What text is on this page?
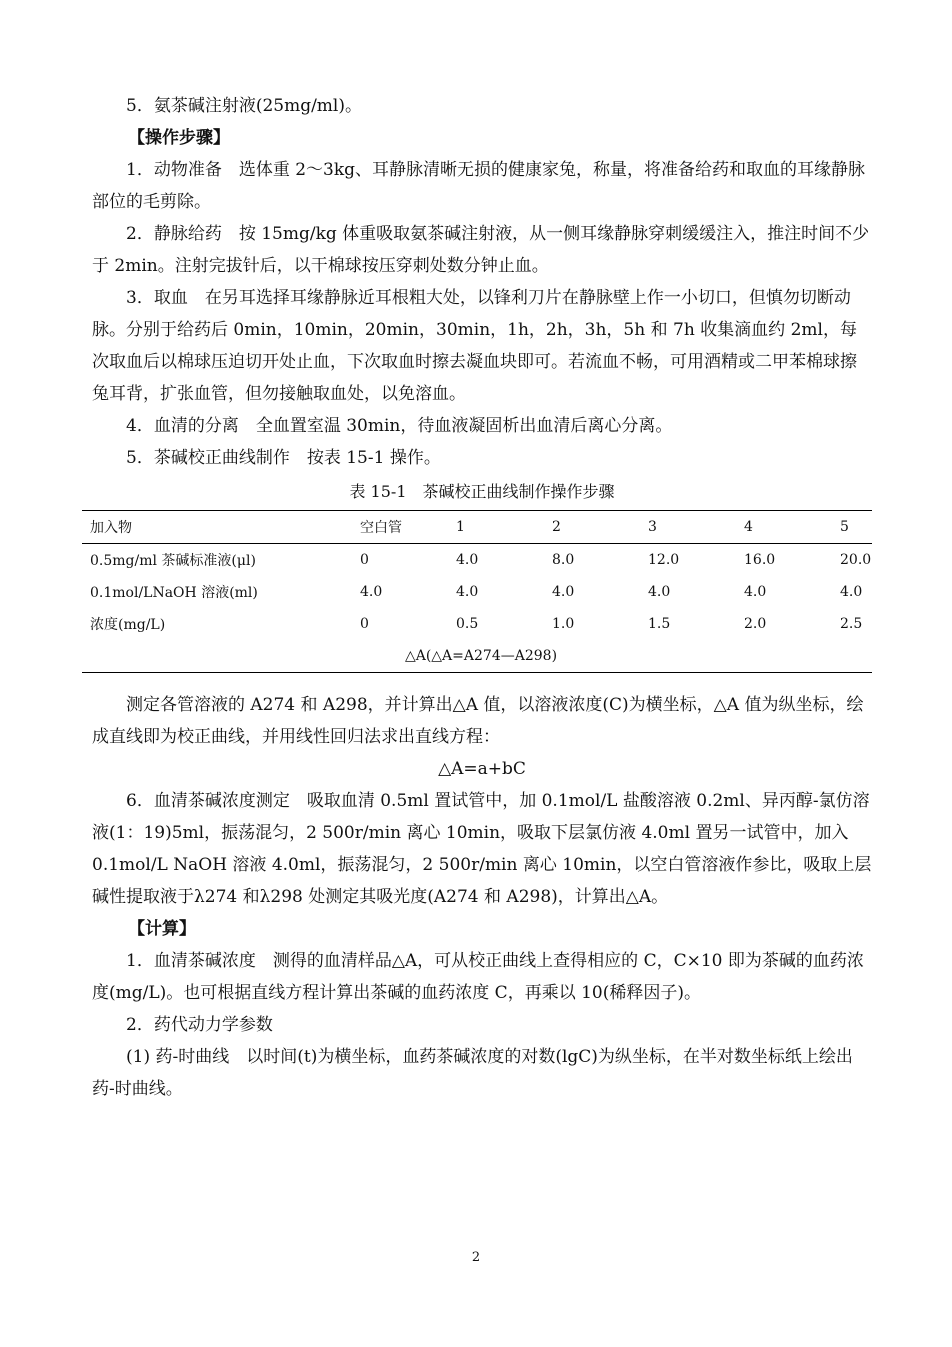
5．氨茶碱注射液(25mg/ml)。

【操作步骤】

1．动物准备　选体重 2～3kg、耳静脉清晰无损的健康家兔，称量，将准备给药和取血的耳缘静脉部位的毛剪除。

2．静脉给药　按 15mg/kg 体重吸取氨茶碱注射液，从一侧耳缘静脉穿刺缓缓注入，推注时间不少于 2min。注射完拔针后，以干棉球按压穿刺处数分钟止血。

3．取血　在另耳选择耳缘静脉近耳根粗大处，以锋利刀片在静脉壁上作一小切口，但慎勿切断动脉。分别于给药后 0min，10min，20min，30min，1h，2h，3h，5h 和 7h 收集滴血约 2ml，每次取血后以棉球压迫切开处止血，下次取血时擦去凝血块即可。若流血不畅，可用酒精或二甲苯棉球擦兔耳背，扩张血管，但勿接触取血处，以免溶血。

4．血清的分离　全血置室温 30min，待血液凝固析出血清后离心分离。

5．茶碱校正曲线制作　按表 15-1 操作。

表 15-1　茶碱校正曲线制作操作步骤

加入物	空白管	1	2	3	4	5
0.5mg/ml 茶碱标准液(μl)	0	4.0	8.0	12.0	16.0	20.0
0.1mol/LNaOH 溶液(ml)	4.0	4.0	4.0	4.0	4.0	4.0
浓度(mg/L)	0	0.5	1.0	1.5	2.0	2.5
△A(△A=A274—A298)						

测定各管溶液的 A274 和 A298，并计算出△A 值，以溶液浓度(C)为横坐标，△A 值为纵坐标，绘成直线即为校正曲线，并用线性回归法求出直线方程：

△A=a+bC

6．血清茶碱浓度测定　吸取血清 0.5ml 置试管中，加 0.1mol/L 盐酸溶液 0.2ml、异丙醇-氯仿溶液(1：19)5ml，振荡混匀，2 500r/min 离心 10min，吸取下层氯仿液 4.0ml 置另一试管中，加入 0.1mol/L NaOH 溶液 4.0ml，振荡混匀，2 500r/min 离心 10min，以空白管溶液作参比，吸取上层碱性提取液于λ274 和λ298 处测定其吸光度(A274 和 A298)，计算出△A。

【计算】

1．血清茶碱浓度　测得的血清样品△A，可从校正曲线上查得相应的 C，C×10 即为茶碱的血药浓度(mg/L)。也可根据直线方程计算出茶碱的血药浓度 C，再乘以 10(稀释因子)。

2．药代动力学参数

(1) 药-时曲线　以时间(t)为横坐标，血药茶碱浓度的对数(lgC)为纵坐标，在半对数坐标纸上绘出药-时曲线。

2
